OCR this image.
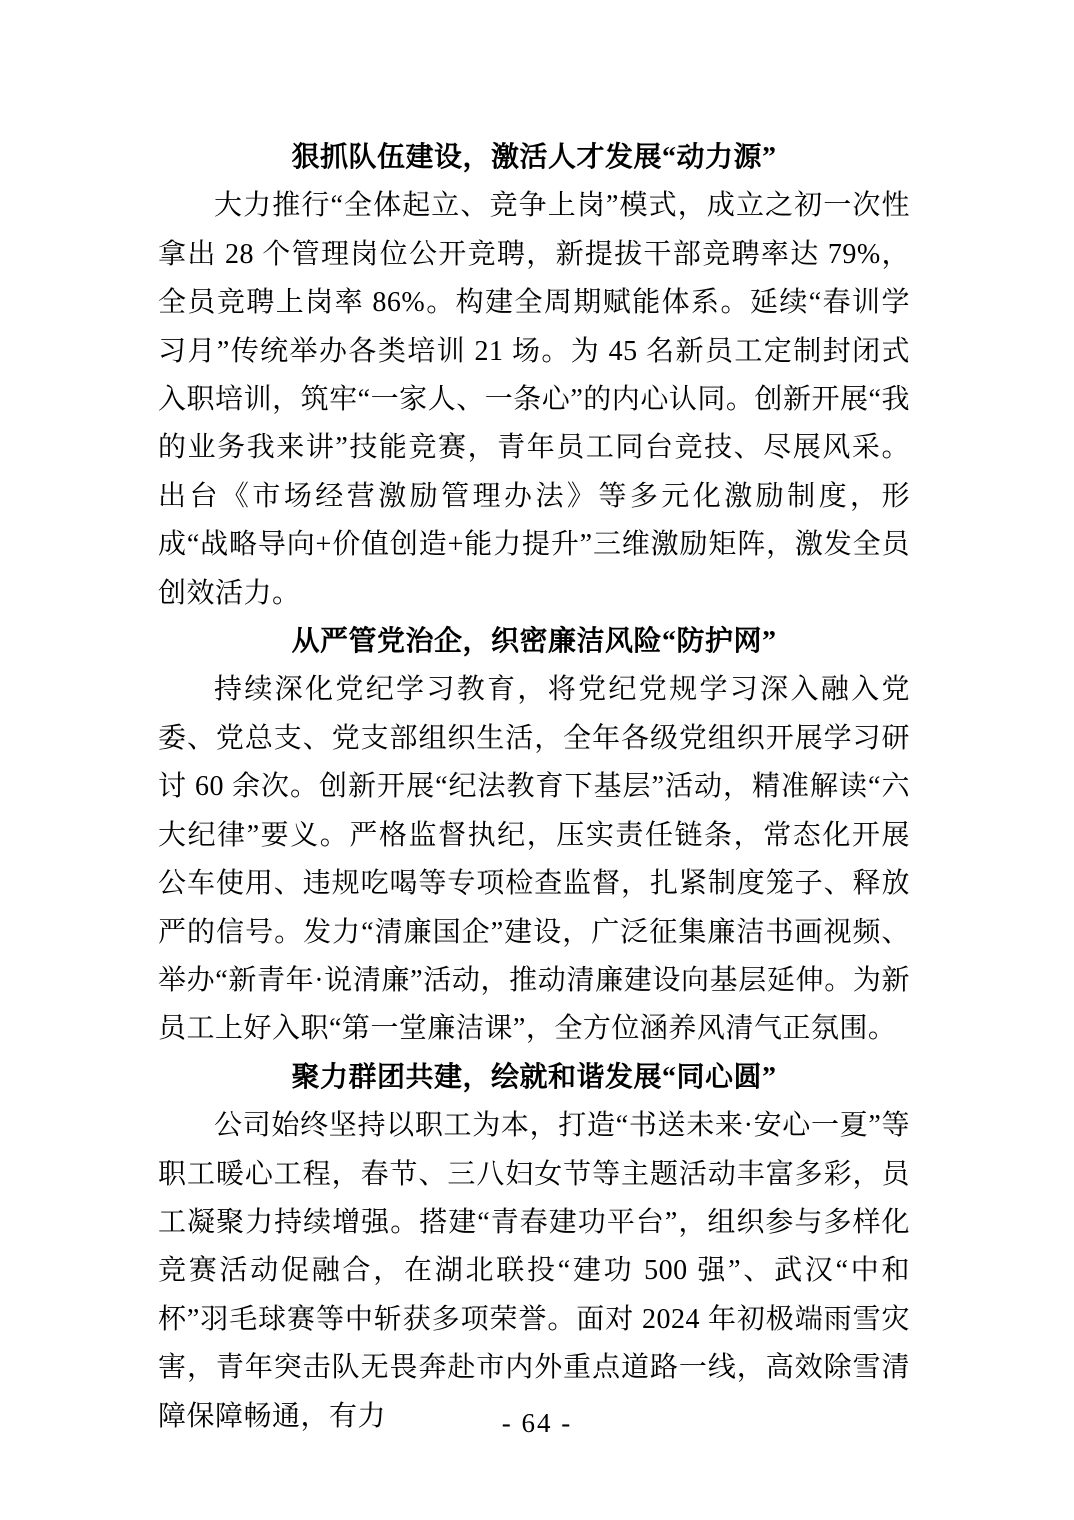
狠抓队伍建设，激活人才发展“动力源”

大力推行“全体起立、竞争上岗”模式，成立之初一次性拿出 28 个管理岗位公开竞聘，新提拔干部竞聘率达 79%，全员竞聘上岗率 86%。构建全周期赋能体系。延续“春训学习月”传统举办各类培训 21 场。为 45 名新员工定制封闭式入职培训，筑牢“一家人、一条心”的内心认同。创新开展“我的业务我来讲”技能竞赛，青年员工同台竞技、尽展风采。出台《市场经营激励管理办法》等多元化激励制度，形成“战略导向+价值创造+能力提升”三维激励矩阵，激发全员创效活力。

从严管党治企，织密廉洁风险“防护网”

持续深化党纪学习教育，将党纪党规学习深入融入党委、党总支、党支部组织生活，全年各级党组织开展学习研讨 60 余次。创新开展“纪法教育下基层”活动，精准解读“六大纪律”要义。严格监督执纪，压实责任链条，常态化开展公车使用、违规吃喝等专项检查监督，扎紧制度笼子、释放严的信号。发力“清廉国企”建设，广泛征集廉洁书画视频、举办“新青年·说清廉”活动，推动清廉建设向基层延伸。为新员工上好入职“第一堂廉洁课”，全方位涵养风清气正氛围。

聚力群团共建，绘就和谐发展“同心圆”

公司始终坚持以职工为本，打造“书送未来·安心一夏”等职工暖心工程，春节、三八妇女节等主题活动丰富多彩，员工凝聚力持续增强。搭建“青春建功平台”，组织参与多样化竞赛活动促融合，在湖北联投“建功 500 强”、武汉“中和杯”羽毛球赛等中斩获多项荣誉。面对 2024 年初极端雨雪灾害，青年突击队无畏奔赴市内外重点道路一线，高效除雪清障保障畅通，有力	- 64 -
